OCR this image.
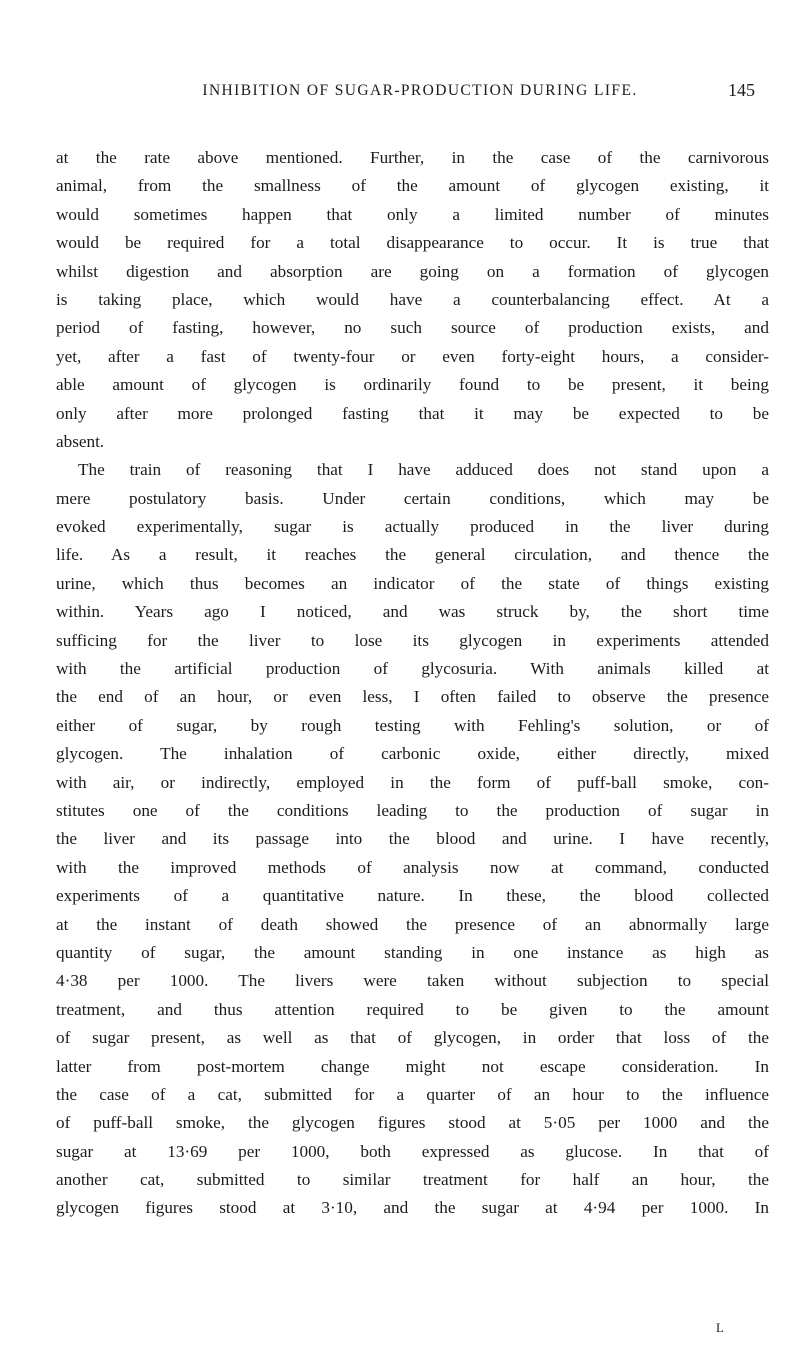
INHIBITION OF SUGAR-PRODUCTION DURING LIFE.	145
at the rate above mentioned. Further, in the case of the carnivorous
animal, from the smallness of the amount of glycogen existing, it
would sometimes happen that only a limited number of minutes
would be required for a total disappearance to occur. It is true that
whilst digestion and absorption are going on a formation of glycogen
is taking place, which would have a counterbalancing effect. At a
period of fasting, however, no such source of production exists, and
yet, after a fast of twenty-four or even forty-eight hours, a consider-
able amount of glycogen is ordinarily found to be present, it being
only after more prolonged fasting that it may be expected to be
absent.
The train of reasoning that I have adduced does not stand upon a
mere postulatory basis. Under certain conditions, which may be
evoked experimentally, sugar is actually produced in the liver during
life. As a result, it reaches the general circulation, and thence the
urine, which thus becomes an indicator of the state of things existing
within. Years ago I noticed, and was struck by, the short time
sufficing for the liver to lose its glycogen in experiments attended
with the artificial production of glycosuria. With animals killed at
the end of an hour, or even less, I often failed to observe the presence
either of sugar, by rough testing with Fehling's solution, or of
glycogen. The inhalation of carbonic oxide, either directly, mixed
with air, or indirectly, employed in the form of puff-ball smoke, con-
stitutes one of the conditions leading to the production of sugar in
the liver and its passage into the blood and urine. I have recently,
with the improved methods of analysis now at command, conducted
experiments of a quantitative nature. In these, the blood collected
at the instant of death showed the presence of an abnormally large
quantity of sugar, the amount standing in one instance as high as
4·38 per 1000. The livers were taken without subjection to special
treatment, and thus attention required to be given to the amount
of sugar present, as well as that of glycogen, in order that loss of the
latter from post-mortem change might not escape consideration. In
the case of a cat, submitted for a quarter of an hour to the influence
of puff-ball smoke, the glycogen figures stood at 5·05 per 1000 and the
sugar at 13·69 per 1000, both expressed as glucose. In that of
another cat, submitted to similar treatment for half an hour, the
glycogen figures stood at 3·10, and the sugar at 4·94 per 1000. In
L
